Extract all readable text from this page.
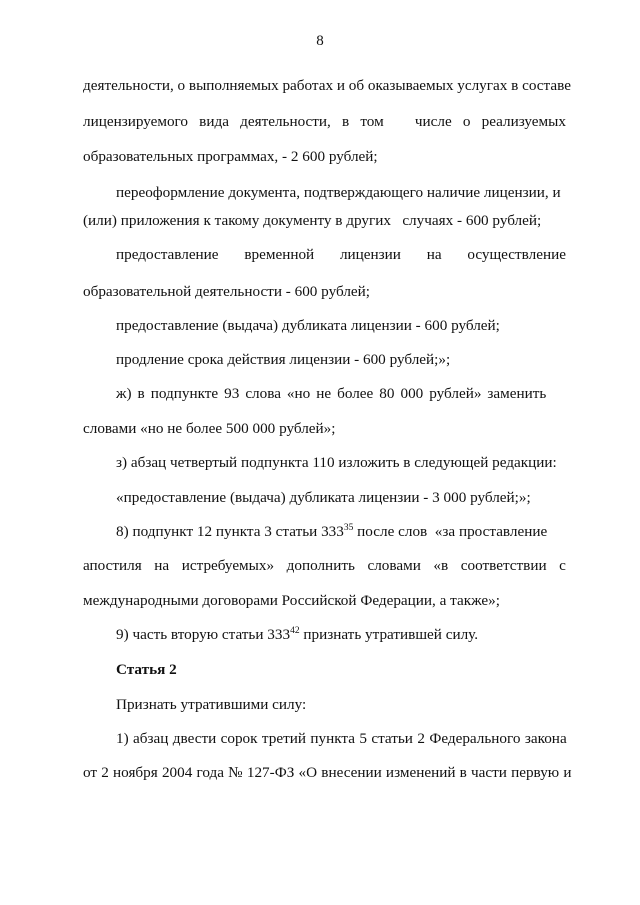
8
деятельности, о выполняемых работах и об оказываемых услугах в составе
лицензируемого вида деятельности, в том числе о реализуемых
образовательных программах, - 2 600 рублей;
переоформление документа, подтверждающего наличие лицензии, и
(или) приложения к такому документу в других   случаях - 600 рублей;
предоставление временной лицензии на осуществление
образовательной деятельности - 600 рублей;
предоставление (выдача) дубликата лицензии - 600 рублей;
продление срока действия лицензии - 600 рублей;»;
ж) в подпункте 93 слова «но не более 80 000 рублей» заменить
словами «но не более 500 000 рублей»;
з) абзац четвертый подпункта 110 изложить в следующей редакции:
«предоставление (выдача) дубликата лицензии - 3 000 рублей;»;
8) подпункт 12 пункта 3 статьи $333^{35}$ после слов  «за проставление
апостиля на истребуемых» дополнить словами «в соответствии с
международными договорами Российской Федерации, а также»;
9) часть вторую статьи $333^{42}$ признать утратившей силу.
Статья 2
Признать утратившими силу:
1) абзац двести сорок третий пункта 5 статьи 2 Федерального закона
от 2 ноября 2004 года № 127-ФЗ «О внесении изменений в части первую и
